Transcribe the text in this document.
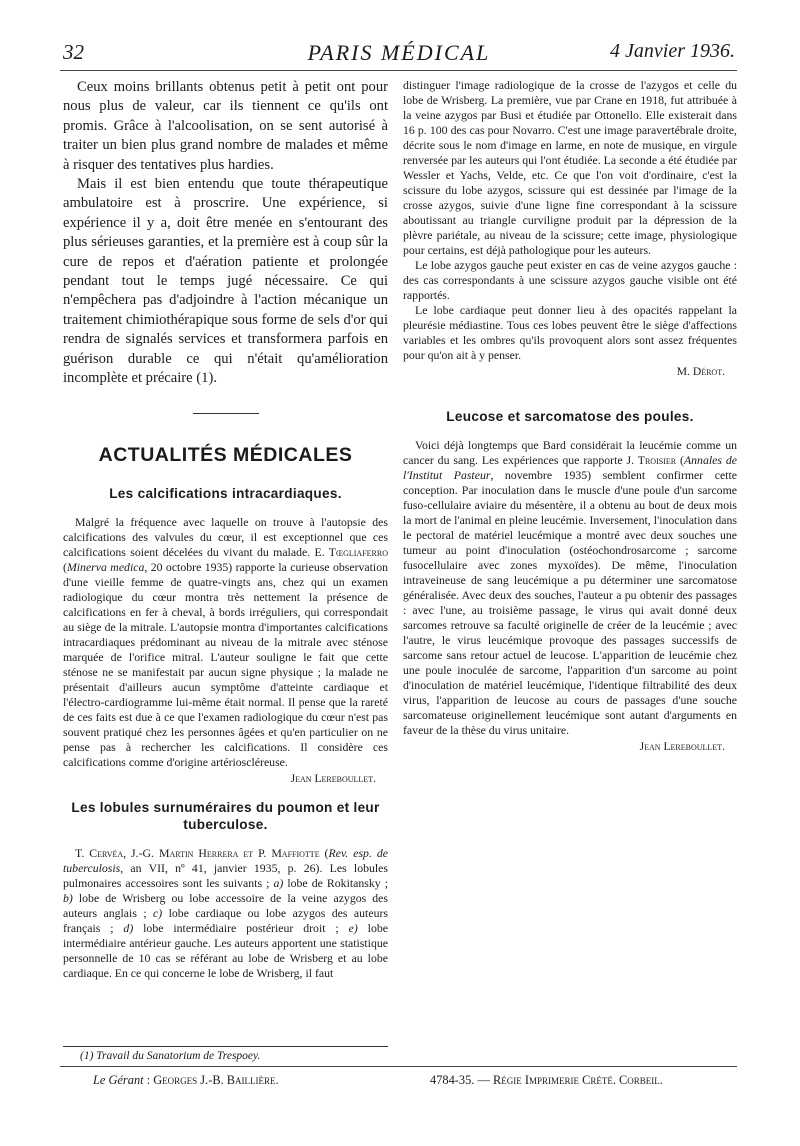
32	PARIS MÉDICAL	4 Janvier 1936.

Ceux moins brillants obtenus petit à petit ont pour nous plus de valeur, car ils tiennent ce qu'ils ont promis. Grâce à l'alcoolisation, on se sent autorisé à traiter un bien plus grand nombre de malades et même à risquer des tentatives plus hardies.

Mais il est bien entendu que toute thérapeutique ambulatoire est à proscrire. Une expérience, si expérience il y a, doit être menée en s'entourant des plus sérieuses garanties, et la première est à coup sûr la cure de repos et d'aération patiente et prolongée pendant tout le temps jugé nécessaire. Ce qui n'empêchera pas d'adjoindre à l'action mécanique un traitement chimiothérapique sous forme de sels d'or qui rendra de signalés services et transformera parfois en guérison durable ce qui n'était qu'amélioration incomplète et précaire (1).

ACTUALITÉS MÉDICALES
Les calcifications intracardiaques.

Malgré la fréquence avec laquelle on trouve à l'autopsie des calcifications des valvules du cœur, il est exceptionnel que ces calcifications soient décelées du vivant du malade. E. Tœgliaferro (Minerva medica, 20 octobre 1935) rapporte la curieuse observation d'une vieille femme de quatre-vingts ans, chez qui un examen radiologique du cœur montra très nettement la présence de calcifications en fer à cheval, à bords irréguliers, qui correspondait au siège de la mitrale. L'autopsie montra d'importantes calcifications intracardiaques prédominant au niveau de la mitrale avec sténose marquée de l'orifice mitral. L'auteur souligne le fait que cette sténose ne se manifestait par aucun signe physique ; la malade ne présentait d'ailleurs aucun symptôme d'atteinte cardiaque et l'électro-cardiogramme lui-même était normal. Il pense que la rareté de ces faits est due à ce que l'examen radiologique du cœur n'est pas souvent pratiqué chez les personnes âgées et qu'en particulier on ne pense pas à rechercher les calcifications. Il considère ces calcifications comme d'origine artérioscléreuse.

Jean Lereboullet.

Les lobules surnuméraires du poumon et leur tuberculose.

T. Cervéa, J.-G. Martin Herrera et P. Maffiotte (Rev. esp. de tuberculosis, an VII, nº 41, janvier 1935, p. 26). Les lobules pulmonaires accessoires sont les suivants ; a) lobe de Rokitansky ; b) lobe de Wrisberg ou lobe accessoire de la veine azygos des auteurs anglais ; c) lobe cardiaque ou lobe azygos des auteurs français ; d) lobe intermédiaire postérieur droit ; e) lobe intermédiaire antérieur gauche. Les auteurs apportent une statistique personnelle de 10 cas se référant au lobe de Wrisberg et au lobe cardiaque. En ce qui concerne le lobe de Wrisberg, il faut

distinguer l'image radiologique de la crosse de l'azygos et celle du lobe de Wrisberg. La première, vue par Crane en 1918, fut attribuée à la veine azygos par Busi et étudiée par Ottonello. Elle existerait dans 16 p. 100 des cas pour Novarro. C'est une image paravertébrale droite, décrite sous le nom d'image en larme, en note de musique, en virgule renversée par les auteurs qui l'ont étudiée. La seconde a été étudiée par Wessler et Yachs, Velde, etc. Ce que l'on voit d'ordinaire, c'est la scissure du lobe azygos, scissure qui est dessinée par l'image de la crosse azygos, suivie d'une ligne fine correspondant à la scissure aboutissant au triangle curviligne produit par la dépression de la plèvre pariétale, au niveau de la scissure; cette image, physiologique pour certains, est déjà pathologique pour les auteurs.

Le lobe azygos gauche peut exister en cas de veine azygos gauche : des cas correspondants à une scissure azygos gauche visible ont été rapportés.

Le lobe cardiaque peut donner lieu à des opacités rappelant la pleurésie médiastine. Tous ces lobes peuvent être le siège d'affections variables et les ombres qu'ils provoquent alors sont assez fréquentes pour qu'on ait à y penser.

M. Dérot.

Leucose et sarcomatose des poules.

Voici déjà longtemps que Bard considérait la leucémie comme un cancer du sang. Les expériences que rapporte J. Troisier (Annales de l'Institut Pasteur, novembre 1935) semblent confirmer cette conception. Par inoculation dans le muscle d'une poule d'un sarcome fuso-cellulaire aviaire du mésentère, il a obtenu au bout de deux mois la mort de l'animal en pleine leucémie. Inversement, l'inoculation dans le pectoral de matériel leucémique a montré avec deux souches une tumeur au point d'inoculation (ostéochondrosarcome ; sarcome fusocellulaire avec zones myxoïdes). De même, l'inoculation intraveineuse de sang leucémique a pu déterminer une sarcomatose généralisée. Avec deux des souches, l'auteur a pu obtenir des passages : avec l'une, au troisième passage, le virus qui avait donné deux sarcomes retrouve sa faculté originelle de créer de la leucémie ; avec l'autre, le virus leucémique provoque des passages successifs de sarcome sans retour actuel de leucose. L'apparition de leucémie chez une poule inoculée de sarcome, l'apparition d'un sarcome au point d'inoculation de matériel leucémique, l'identique filtrabilité des deux virus, l'apparition de leucose au cours de passages d'une souche sarcomateuse originellement leucémique sont autant d'arguments en faveur de la thèse du virus unitaire.

Jean Lereboullet.

(1) Travail du Sanatorium de Trespoey.
Le Gérant : Georges J.-B. Baillière.	4784-35. — Régie Imprimerie Crété. Corbeil.
